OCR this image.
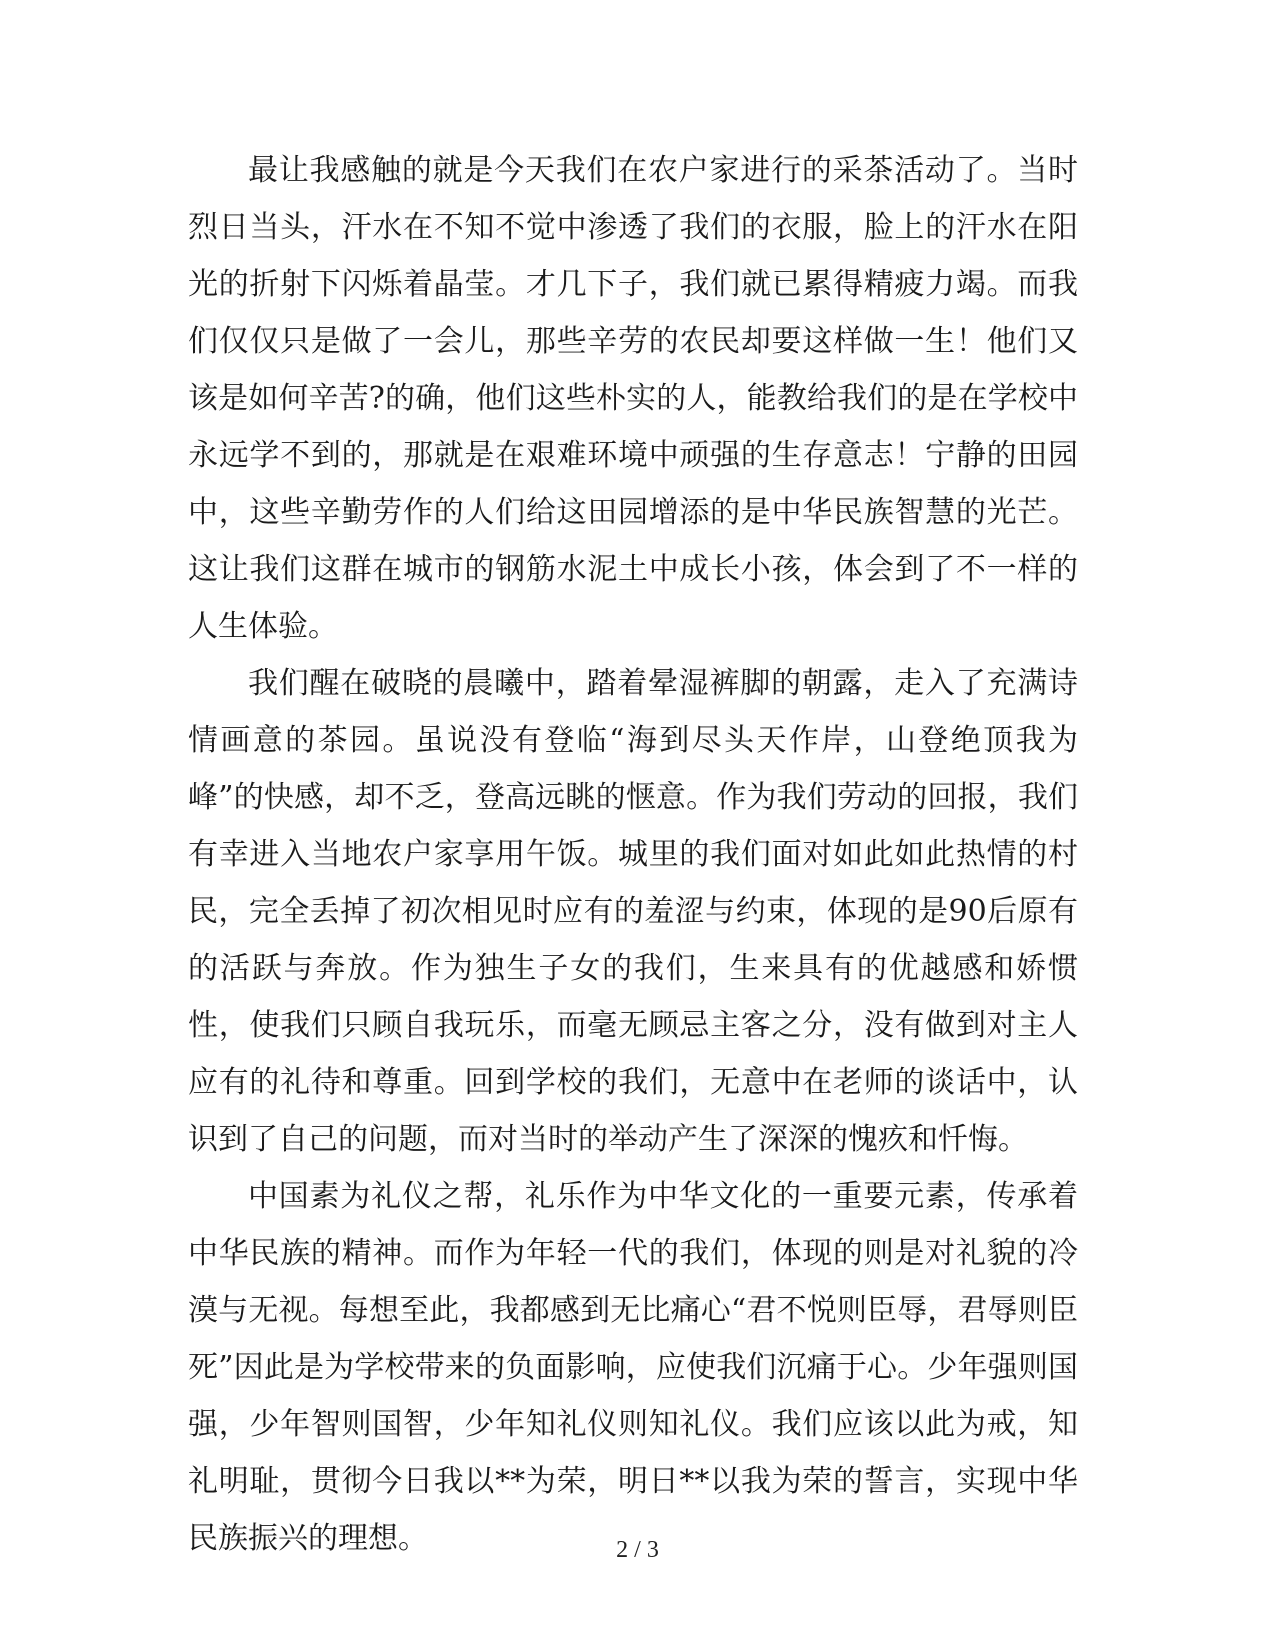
最让我感触的就是今天我们在农户家进行的采茶活动了。当时烈日当头，汗水在不知不觉中渗透了我们的衣服，脸上的汗水在阳光的折射下闪烁着晶莹。才几下子，我们就已累得精疲力竭。而我们仅仅只是做了一会儿，那些辛劳的农民却要这样做一生！他们又该是如何辛苦?的确，他们这些朴实的人，能教给我们的是在学校中永远学不到的，那就是在艰难环境中顽强的生存意志！宁静的田园中，这些辛勤劳作的人们给这田园增添的是中华民族智慧的光芒。这让我们这群在城市的钢筋水泥土中成长小孩，体会到了不一样的人生体验。

我们醒在破晓的晨曦中，踏着晕湿裤脚的朝露，走入了充满诗情画意的茶园。虽说没有登临“海到尽头天作岸，山登绝顶我为峰”的快感，却不乏，登高远眺的惬意。作为我们劳动的回报，我们有幸进入当地农户家享用午饭。城里的我们面对如此如此热情的村民，完全丢掉了初次相见时应有的羞涩与约束，体现的是90后原有的活跃与奔放。作为独生子女的我们，生来具有的优越感和娇惯性，使我们只顾自我玩乐，而毫无顾忌主客之分，没有做到对主人应有的礼待和尊重。回到学校的我们，无意中在老师的谈话中，认识到了自己的问题，而对当时的举动产生了深深的愧疚和忏悔。

中国素为礼仪之帮，礼乐作为中华文化的一重要元素，传承着中华民族的精神。而作为年轻一代的我们，体现的则是对礼貌的冷漠与无视。每想至此，我都感到无比痛心“君不悦则臣辱，君辱则臣死”因此是为学校带来的负面影响，应使我们沉痛于心。少年强则国强，少年智则国智，少年知礼仪则知礼仪。我们应该以此为戒，知礼明耻，贯彻今日我以**为荣，明日**以我为荣的誓言，实现中华民族振兴的理想。	2 / 3
